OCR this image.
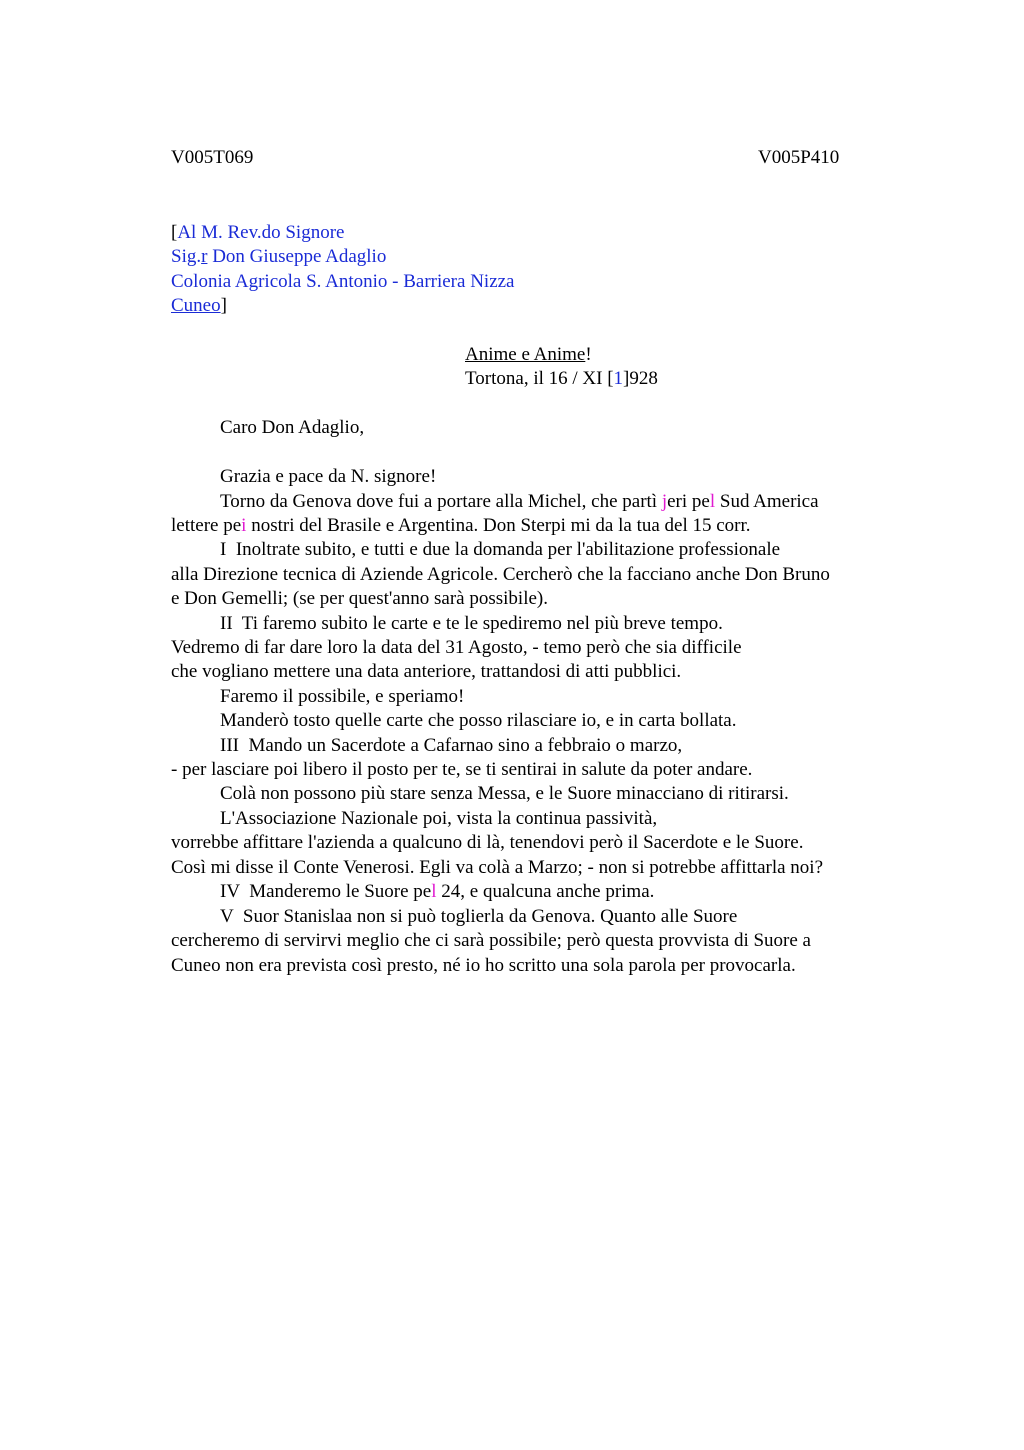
V005T069	V005P410
[Al M. Rev.do Signore
Sig.r Don Giuseppe Adaglio
Colonia Agricola S. Antonio - Barriera Nizza
Cuneo]
Anime e Anime!
Tortona, il 16 / XI [1]928
Caro Don Adaglio,
Grazia e pace da N. signore!
Torno da Genova dove fui a portare alla Michel, che partì jeri pel Sud America
lettere pei nostri del Brasile e Argentina. Don Sterpi mi da la tua del 15 corr.
I  Inoltrate subito, e tutti e due la domanda per l'abilitazione professionale
alla Direzione tecnica di Aziende Agricole. Cercherò che la facciano anche Don Bruno
e Don Gemelli; (se per quest'anno sarà possibile).
II  Ti faremo subito le carte e te le spediremo nel più breve tempo.
Vedremo di far dare loro la data del 31 Agosto, - temo però che sia difficile
che vogliano mettere una data anteriore, trattandosi di atti pubblici.
Faremo il possibile, e speriamo!
Manderò tosto quelle carte che posso rilasciare io, e in carta bollata.
III  Mando un Sacerdote a Cafarnao sino a febbraio o marzo,
- per lasciare poi libero il posto per te, se ti sentirai in salute da poter andare.
Colà non possono più stare senza Messa, e le Suore minacciano di ritirarsi.
L'Associazione Nazionale poi, vista la continua passività,
vorrebbe affittare l'azienda a qualcuno di là, tenendovi però il Sacerdote e le Suore.
Così mi disse il Conte Venerosi. Egli va colà a Marzo; - non si potrebbe affittarla noi?
IV  Manderemo le Suore pel 24, e qualcuna anche prima.
V  Suor Stanislaa non si può toglierla da Genova. Quanto alle Suore
cercheremo di servirvi meglio che ci sarà possibile; però questa provvista di Suore a
Cuneo non era prevista così presto, né io ho scritto una sola parola per provocarla.
